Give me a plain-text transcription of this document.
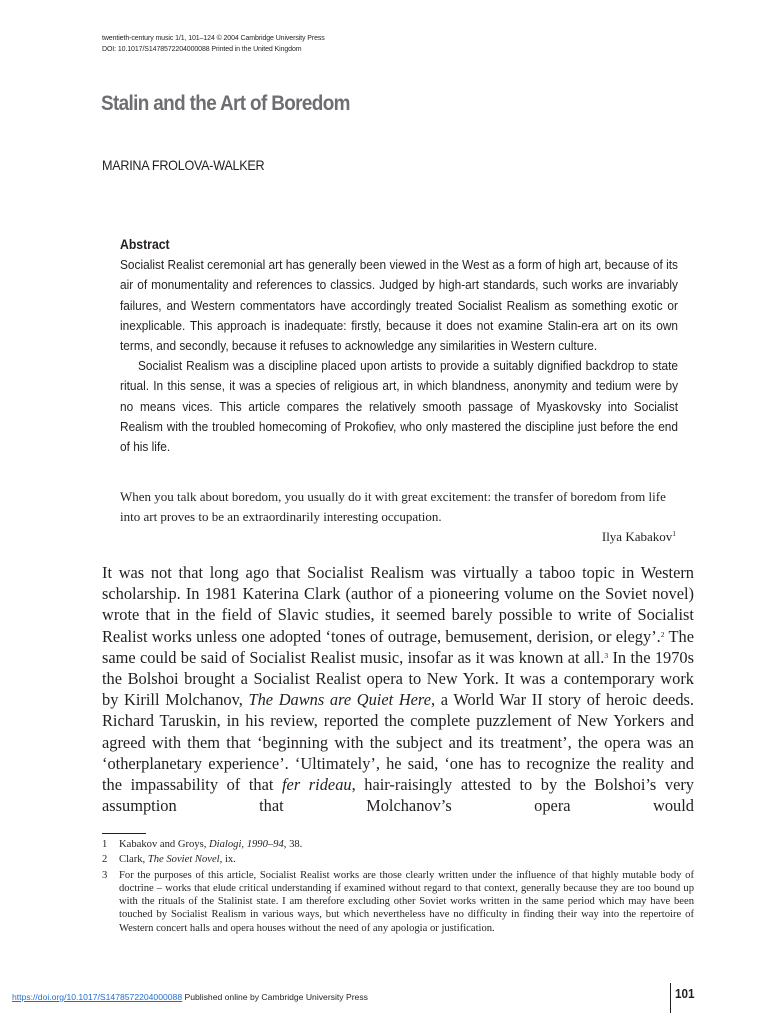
twentieth-century music 1/1, 101–124 © 2004 Cambridge University Press
DOI: 10.1017/S1478572204000088 Printed in the United Kingdom
Stalin and the Art of Boredom
MARINA FROLOVA-WALKER
Abstract

Socialist Realist ceremonial art has generally been viewed in the West as a form of high art, because of its air of monumentality and references to classics. Judged by high-art standards, such works are invariably failures, and Western commentators have accordingly treated Socialist Realism as something exotic or inexplicable. This approach is inadequate: firstly, because it does not examine Stalin-era art on its own terms, and secondly, because it refuses to acknowledge any similarities in Western culture.

Socialist Realism was a discipline placed upon artists to provide a suitably dignified backdrop to state ritual. In this sense, it was a species of religious art, in which blandness, anonymity and tedium were by no means vices. This article compares the relatively smooth passage of Myaskovsky into Socialist Realism with the troubled homecoming of Prokofiev, who only mastered the discipline just before the end of his life.

When you talk about boredom, you usually do it with great excitement: the transfer of boredom from life into art proves to be an extraordinarily interesting occupation.

Ilya Kabakov$^1$

It was not that long ago that Socialist Realism was virtually a taboo topic in Western scholarship. In 1981 Katerina Clark (author of a pioneering volume on the Soviet novel) wrote that in the field of Slavic studies, it seemed barely possible to write of Socialist Realist works unless one adopted ‘tones of outrage, bemusement, derision, or elegy’.$^2$ The same could be said of Socialist Realist music, insofar as it was known at all.$^3$ In the 1970s the Bolshoi brought a Socialist Realist opera to New York. It was a contemporary work by Kirill Molchanov, The Dawns are Quiet Here, a World War II story of heroic deeds. Richard Taruskin, in his review, reported the complete puzzlement of New Yorkers and agreed with them that ‘beginning with the subject and its treatment’, the opera was an ‘otherplanetary experience’. ‘Ultimately’, he said, ‘one has to recognize the reality and the impassability of that fer rideau, hair-raisingly attested to by the Bolshoi’s very assumption that Molchanov’s opera would

1	Kabakov and Groys, Dialogi, 1990–94, 38.
2	Clark, The Soviet Novel, ix.
3	For the purposes of this article, Socialist Realist works are those clearly written under the influence of that highly mutable body of doctrine – works that elude critical understanding if examined without regard to that context, generally because they are too bound up with the rituals of the Stalinist state. I am therefore excluding other Soviet works written in the same period which may have been touched by Socialist Realism in various ways, but which nevertheless have no difficulty in finding their way into the repertoire of Western concert halls and opera houses without the need of any apologia or justification.
https://doi.org/10.1017/S1478572204000088 Published online by Cambridge University Press	101
